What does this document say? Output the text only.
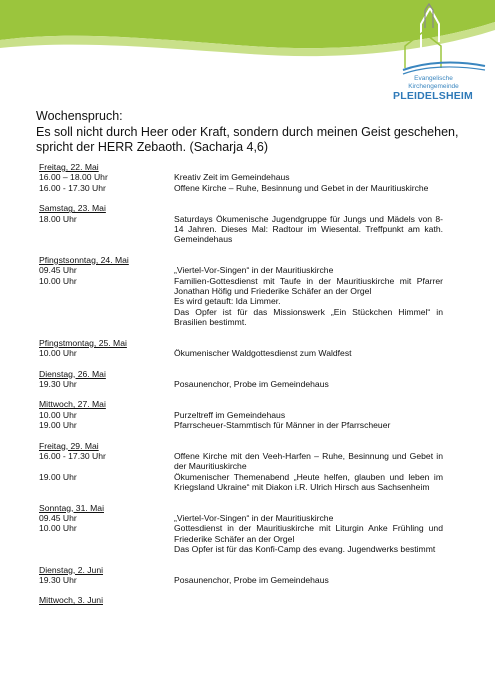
Evangelische
Kirchengemeinde
PLEIDELSHEIM
Wochenspruch:
Es soll nicht durch Heer oder Kraft, sondern durch meinen Geist geschehen, spricht der HERR Zebaoth. (Sacharja 4,6)
Freitag, 22. Mai
16.00 – 18.00 Uhr	Kreativ Zeit im Gemeindehaus
16.00 - 17.30 Uhr	Offene Kirche – Ruhe, Besinnung und Gebet in der Mauritiuskirche
Samstag, 23. Mai
18.00 Uhr	Saturdays Ökumenische Jugendgruppe für Jungs und Mädels von 8-14 Jahren. Dieses Mal: Radtour im Wiesental. Treffpunkt am kath. Gemeindehaus
Pfingstsonntag, 24. Mai
09.45 Uhr	„Viertel-Vor-Singen“ in der Mauritiuskirche
10.00 Uhr	Familien-Gottesdienst mit Taufe in der Mauritiuskirche mit Pfarrer Jonathan Höfig und Friederike Schäfer an der Orgel
Es wird getauft: Ida Limmer.
Das Opfer ist für das Missionswerk „Ein Stückchen Himmel“ in Brasilien bestimmt.
Pfingstmontag, 25. Mai
10.00 Uhr	Ökumenischer Waldgottesdienst zum Waldfest
Dienstag, 26. Mai
19.30 Uhr	Posaunenchor, Probe im Gemeindehaus
Mittwoch, 27. Mai
10.00 Uhr	Purzeltreff im Gemeindehaus
19.00 Uhr	Pfarrscheuer-Stammtisch für Männer in der Pfarrscheuer
Freitag, 29. Mai
16.00 - 17.30 Uhr	Offene Kirche mit den Veeh-Harfen – Ruhe, Besinnung und Gebet in der Mauritiuskirche
19.00 Uhr	Ökumenischer Themenabend „Heute helfen, glauben und leben im Kriegsland Ukraine“ mit Diakon i.R. Ulrich Hirsch aus Sachsenheim
Sonntag, 31. Mai
09.45 Uhr	„Viertel-Vor-Singen“ in der Mauritiuskirche
10.00 Uhr	Gottesdienst in der Mauritiuskirche mit Liturgin Anke Frühling und Friederike Schäfer an der Orgel
Das Opfer ist für das Konfi-Camp des evang. Jugendwerks bestimmt
Dienstag, 2. Juni
19.30 Uhr	Posaunenchor, Probe im Gemeindehaus
Mittwoch, 3. Juni
